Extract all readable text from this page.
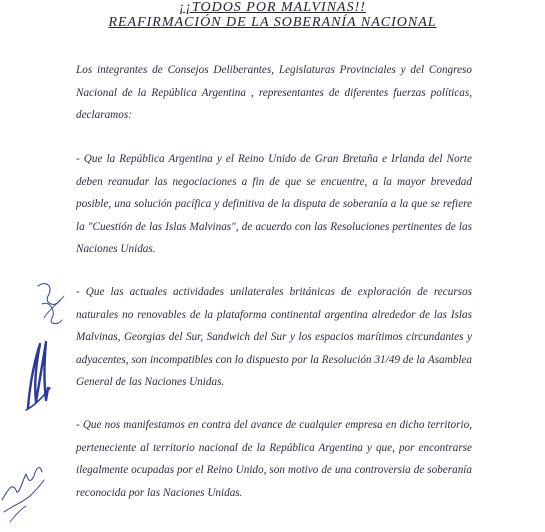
¡¡TODOS POR MALVINAS!!
REAFIRMACIÓN DE LA SOBERANÍA NACIONAL
Los integrantes de Consejos Deliberantes, Legislaturas Provinciales y del Congreso Nacional de la República Argentina , representantes de diferentes fuerzas políticas, declaramos:
- Que la República Argentina y el Reino Unido de Gran Bretaña e Irlanda del Norte deben reanudar las negociaciones a fin de que se encuentre, a la mayor brevedad posible, una solución pacífica y definitiva de la disputa de soberanía a la que se refiere la "Cuestión de las Islas Malvinas", de acuerdo con las Resoluciones pertinentes de las Naciones Unidas.
- Que las actuales actividades unilaterales británicas de exploración de recursos naturales no renovables de la plataforma continental argentina alrededor de las Islas Malvinas, Georgias del Sur, Sandwich del Sur y los espacios marítimos circundantes y adyacentes, son incompatibles con lo dispuesto por la Resolución 31/49 de la Asamblea General de las Naciones Unidas.
- Que nos manifestamos en contra del avance de cualquier empresa en dicho territorio, perteneciente al territorio nacional de la República Argentina y que, por encontrarse ilegalmente ocupadas por el Reino Unido, son motivo de una controversia de soberanía reconocida por las Naciones Unidas.
